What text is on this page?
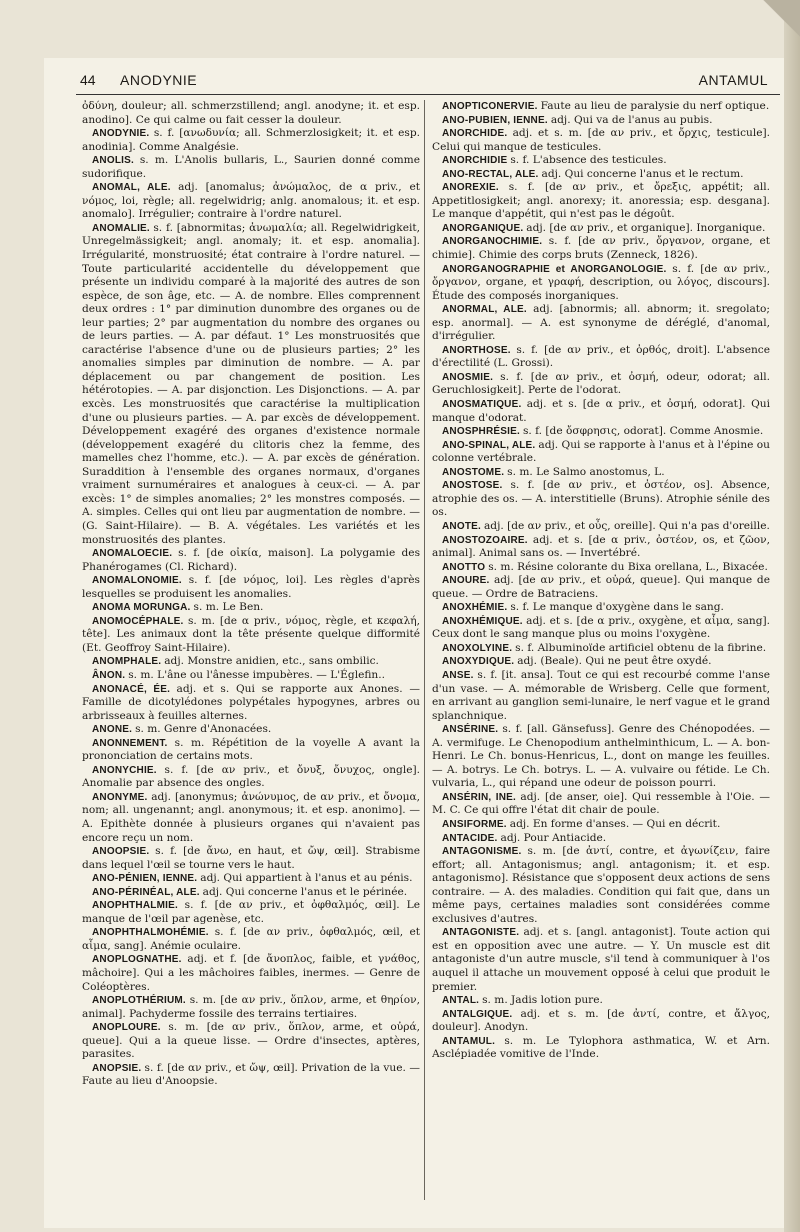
44 ANODYNIE	ANTAMUL

ὀδύνη, douleur; all. schmerzstillend; angl. anodyne; it. et esp. anodino]. Ce qui calme ou fait cesser la douleur.

ANODYNIE. s. f. [ανωδυνία; all. Schmerzlosigkeit; it. et esp. anodinia]. Comme Analgésie.

ANOLIS. s. m. L'Anolis bullaris, L., Saurien donné comme sudorifique.

ANOMAL, ALE. adj. [anomalus; ἀνώμαλος, de α priv., et νόμος, loi, règle; all. regelwidrig; anlg. anomalous; it. et esp. anomalo]. Irrégulier; contraire à l'ordre naturel.

ANOMALIE. s. f. [abnormitas; ἀνωμαλία; all. Regelwidrigkeit, Unregelmässigkeit; angl. anomaly; it. et esp. anomalia]. Irrégularité, monstruosité; état contraire à l'ordre naturel. — Toute particularité accidentelle du développement que présente un individu comparé à la majorité des autres de son espèce, de son âge, etc. — A. de nombre. Elles comprennent deux ordres : 1° par diminution dunombre des organes ou de leur parties; 2° par augmentation du nombre des organes ou de leurs parties. — A. par défaut. 1° Les monstruosités que caractérise l'absence d'une ou de plusieurs parties; 2° les anomalies simples par diminution de nombre. — A. par déplacement ou par changement de position. Les hétérotopies. — A. par disjonction. Les Disjonctions. — A. par excès. Les monstruosités que caractérise la multiplication d'une ou plusieurs parties. — A. par excès de développement. Développement exagéré des organes d'existence normale (développement exagéré du clitoris chez la femme, des mamelles chez l'homme, etc.). — A. par excès de génération. Suraddition à l'ensemble des organes normaux, d'organes vraiment surnuméraires et analogues à ceux-ci. — A. par excès: 1° de simples anomalies; 2° les monstres composés. — A. simples. Celles qui ont lieu par augmentation de nombre. — (G. Saint-Hilaire). — B. A. végétales. Les variétés et les monstruosités des plantes.

ANOMALOECIE. s. f. [de οἰκία, maison]. La polygamie des Phanérogames (Cl. Richard).

ANOMALONOMIE. s. f. [de νόμος, loi]. Les règles d'après lesquelles se produisent les anomalies.

ANOMA MORUNGA. s. m. Le Ben.

ANOMOCÉPHALE. s. m. [de α priv., νόμος, règle, et κεφαλή, tête]. Les animaux dont la tête présente quelque difformité (Et. Geoffroy Saint-Hilaire).

ANOMPHALE. adj. Monstre anidien, etc., sans ombilic.

ÂNON. s. m. L'âne ou l'ânesse impubères. — L'Églefin..

ANONACÉ, ÉE. adj. et s. Qui se rapporte aux Anones. — Famille de dicotylédones polypétales hypogynes, arbres ou arbrisseaux à feuilles alternes.

ANONE. s. m. Genre d'Anonacées.

ANONNEMENT. s. m. Répétition de la voyelle A avant la prononciation de certains mots.

ANONYCHIE. s. f. [de αν priv., et ὄνυξ, ὄνυχος, ongle]. Anomalie par absence des ongles.

ANONYME. adj. [anonymus; ἀνώνυμος, de αν priv., et ὄνομα, nom; all. ungenannt; angl. anonymous; it. et esp. anonimo]. — A. Epithète donnée à plusieurs organes qui n'avaient pas encore reçu un nom.

ANOOPSIE. s. f. [de ἄνω, en haut, et ὤψ, œil]. Strabisme dans lequel l'œil se tourne vers le haut.

ANO-PÉNIEN, IENNE. adj. Qui appartient à l'anus et au pénis.

ANO-PÉRINÉAL, ALE. adj. Qui concerne l'anus et le périnée.

ANOPHTHALMIE. s. f. [de αν priv., et ὀφθαλμός, œil]. Le manque de l'œil par agenèse, etc.

ANOPHTHALMOHÉMIE. s. f. [de αν priv., ὀφθαλμός, œil, et αἷμα, sang]. Anémie oculaire.

ANOPLOGNATHE. adj. et f. [de ἄνοπλος, faible, et γνάθος, mâchoire]. Qui a les mâchoires faibles, inermes. — Genre de Coléoptères.

ANOPLOTHÉRIUM. s. m. [de αν priv., ὅπλον, arme, et θηρίον, animal]. Pachyderme fossile des terrains tertiaires.

ANOPLOURE. s. m. [de αν priv., ὅπλον, arme, et οὐρά, queue]. Qui a la queue lisse. — Ordre d'insectes, aptères, parasites.

ANOPSIE. s. f. [de αν priv., et ὤψ, œil]. Privation de la vue. — Faute au lieu d'Anoopsie.

ANOPTICONERVIE. Faute au lieu de paralysie du nerf optique.

ANO-PUBIEN, IENNE. adj. Qui va de l'anus au pubis.

ANORCHIDE. adj. et s. m. [de αν priv., et ὄρχις, testicule]. Celui qui manque de testicules.

ANORCHIDIE s. f. L'absence des testicules.

ANO-RECTAL, ALE. adj. Qui concerne l'anus et le rectum.

ANOREXIE. s. f. [de αν priv., et ὄρεξις, appétit; all. Appetitlosigkeit; angl. anorexy; it. anoressia; esp. desgana]. Le manque d'appétit, qui n'est pas le dégoût.

ANORGANIQUE. adj. [de αν priv., et organique]. Inorganique.

ANORGANOCHIMIE. s. f. [de αν priv., ὄργανον, organe, et chimie]. Chimie des corps bruts (Zenneck, 1826).

ANORGANOGRAPHIE et ANORGANOLOGIE. s. f. [de αν priv., ὄργανον, organe, et γραφή, description, ou λόγος, discours]. Étude des composés inorganiques.

ANORMAL, ALE. adj. [abnormis; all. abnorm; it. sregolato; esp. anormal]. — A. est synonyme de déréglé, d'anomal, d'irrégulier.

ANORTHOSE. s. f. [de αν priv., et ὀρθός, droit]. L'absence d'érectilité (L. Grossi).

ANOSMIE. s. f. [de αν priv., et ὀσμή, odeur, odorat; all. Geruchlosigkeit]. Perte de l'odorat.

ANOSMATIQUE. adj. et s. [de α priv., et ὀσμή, odorat]. Qui manque d'odorat.

ANOSPHRÉSIE. s. f. [de ὄσφρησις, odorat]. Comme Anosmie.

ANO-SPINAL, ALE. adj. Qui se rapporte à l'anus et à l'épine ou colonne vertébrale.

ANOSTOME. s. m. Le Salmo anostomus, L.

ANOSTOSE. s. f. [de αν priv., et ὀστέον, os]. Absence, atrophie des os. — A. interstitielle (Bruns). Atrophie sénile des os.

ANOTE. adj. [de αν priv., et οὖς, oreille]. Qui n'a pas d'oreille.

ANOSTOZOAIRE. adj. et s. [de α priv., ὀστέον, os, et ζῶον, animal]. Animal sans os. — Invertébré.

ANOTTO s. m. Résine colorante du Bixa orellana, L., Bixacée.

ANOURE. adj. [de αν priv., et οὐρά, queue]. Qui manque de queue. — Ordre de Batraciens.

ANOXHÉMIE. s. f. Le manque d'oxygène dans le sang.

ANOXHÉMIQUE. adj. et s. [de α priv., oxygène, et αἷμα, sang]. Ceux dont le sang manque plus ou moins l'oxygène.

ANOXOLYINE. s. f. Albuminoïde artificiel obtenu de la fibrine.

ANOXYDIQUE. adj. (Beale). Qui ne peut être oxydé.

ANSE. s. f. [it. ansa]. Tout ce qui est recourbé comme l'anse d'un vase. — A. mémorable de Wrisberg. Celle que forment, en arrivant au ganglion semi-lunaire, le nerf vague et le grand splanchnique.

ANSÉRINE. s. f. [all. Gänsefuss]. Genre des Chénopodées. — A. vermifuge. Le Chenopodium anthelminthicum, L. — A. bon-Henri. Le Ch. bonus-Henricus, L., dont on mange les feuilles. — A. botrys. Le Ch. botrys. L. — A. vulvaire ou fétide. Le Ch. vulvaria, L., qui répand une odeur de poisson pourri.

ANSÉRIN, INE. adj. [de anser, oie]. Qui ressemble à l'Oie. — M. C. Ce qui offre l'état dit chair de poule.

ANSIFORME. adj. En forme d'anses. — Qui en décrit.

ANTACIDE. adj. Pour Antiacide.

ANTAGONISME. s. m. [de ἀντί, contre, et ἀγωνίζειν, faire effort; all. Antagonismus; angl. antagonism; it. et esp. antagonismo]. Résistance que s'opposent deux actions de sens contraire. — A. des maladies. Condition qui fait que, dans un même pays, certaines maladies sont considérées comme exclusives d'autres.

ANTAGONISTE. adj. et s. [angl. antagonist]. Toute action qui est en opposition avec une autre. — Y. Un muscle est dit antagoniste d'un autre muscle, s'il tend à communiquer à l'os auquel il attache un mouvement opposé à celui que produit le premier.

ANTAL. s. m. Jadis lotion pure.

ANTALGIQUE. adj. et s. m. [de ἀντί, contre, et ἄλγος, douleur]. Anodyn.

ANTAMUL. s. m. Le Tylophora asthmatica, W. et Arn. Asclépiadée vomitive de l'Inde.
